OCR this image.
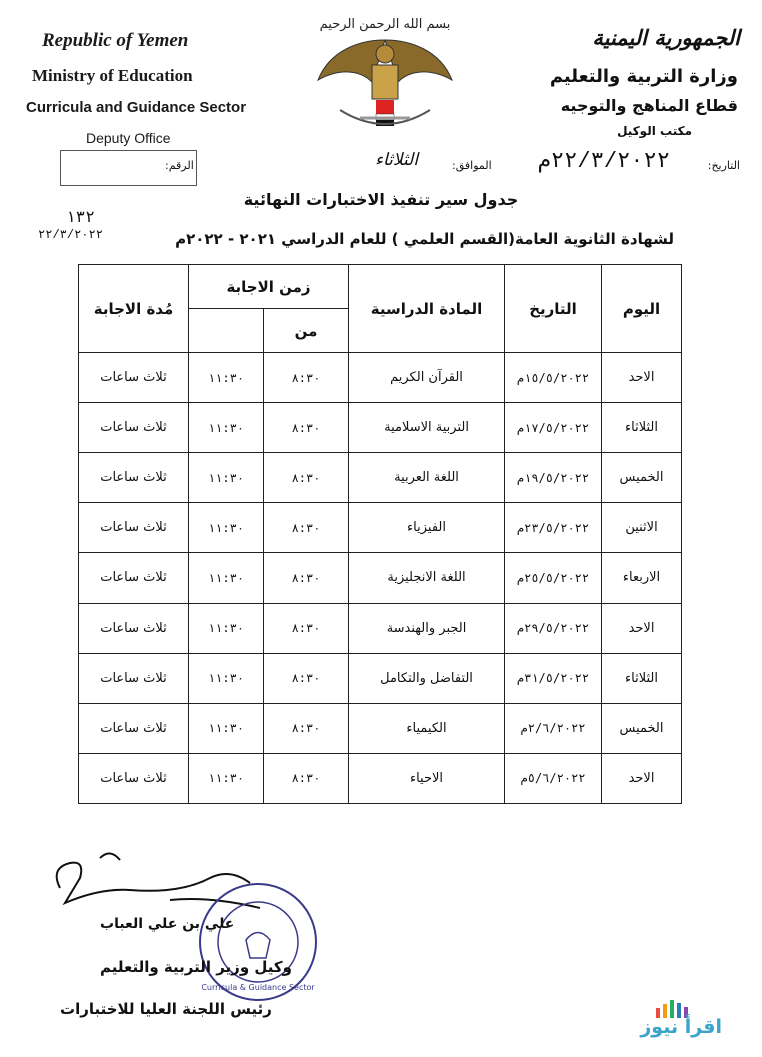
بسم الله الرحمن الرحيم
Republic of Yemen
Ministry of Education
Curricula and Guidance Sector
Deputy Office
الجمهورية اليمنية
وزارة التربية والتعليم
قطاع المناهج والتوجيه
مكتب الوكيل
التاريخ:
٢٢/٣/٢٠٢٢م
الموافق:
الثلاثاء
الرقم:
١٣٢
٢٢/٣/٢٠٢٢
جدول سير تنفيذ الاختبارات النهائية
لشهادة الثانوية العامة(القسم العلمي ) للعام الدراسي ٢٠٢١ - ٢٠٢٢م
اليوم	التاريخ	المادة الدراسية	زمن الاجابة		مُدة الاجابة
			من		
الاحد	١٥/٥/٢٠٢٢م	القرآن الكريم	٨:٣٠	١١:٣٠	ثلاث ساعات
الثلاثاء	١٧/٥/٢٠٢٢م	التربية الاسلامية	٨:٣٠	١١:٣٠	ثلاث ساعات
الخميس	١٩/٥/٢٠٢٢م	اللغة العربية	٨:٣٠	١١:٣٠	ثلاث ساعات
الاثنين	٢٣/٥/٢٠٢٢م	الفيزياء	٨:٣٠	١١:٣٠	ثلاث ساعات
الاربعاء	٢٥/٥/٢٠٢٢م	اللغة الانجليزية	٨:٣٠	١١:٣٠	ثلاث ساعات
الاحد	٢٩/٥/٢٠٢٢م	الجبر والهندسة	٨:٣٠	١١:٣٠	ثلاث ساعات
الثلاثاء	٣١/٥/٢٠٢٢م	التفاضل والتكامل	٨:٣٠	١١:٣٠	ثلاث ساعات
الخميس	٢/٦/٢٠٢٢م	الكيمياء	٨:٣٠	١١:٣٠	ثلاث ساعات
الاحد	٥/٦/٢٠٢٢م	الاحياء	٨:٣٠	١١:٣٠	ثلاث ساعات
Curricula & Guidance Sector
علي بن علي العباب
وكيل وزير التربية والتعليم
رئيس اللجنة العليا للاختبارات
اقرأ نيوز
